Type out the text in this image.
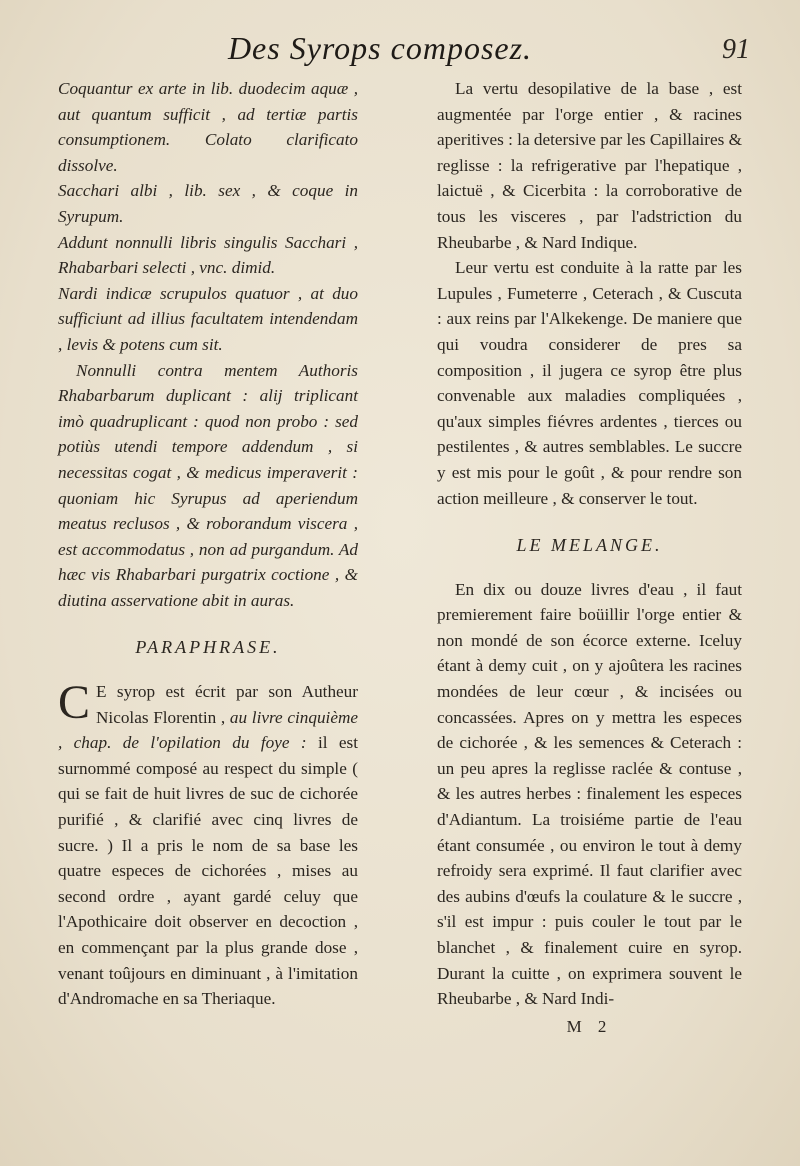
Des Syrops composez.	91

Coquantur ex arte in lib. duodecim aquæ , aut quantum sufficit , ad tertiæ partis consumptionem. Colato clarificato dissolve.

Sacchari albi , lib. sex , & coque in Syrupum.

Addunt nonnulli libris singulis Sacchari , Rhabarbari selecti , vnc. dimid.

Nardi indicæ scrupulos quatuor , at duo sufficiunt ad illius facultatem intendendam , levis & potens cum sit.

Nonnulli contra mentem Authoris Rhabarbarum duplicant : alij triplicant imò quadruplicant : quod non probo : sed potiùs utendi tempore addendum , si necessitas cogat , & medicus imperaverit : quoniam hic Syrupus ad aperiendum meatus reclusos , & roborandum viscera , est accommodatus , non ad purgandum. Ad hæc vis Rhabarbari purgatrix coctione , & diutina asservatione abit in auras.

PARAPHRASE.

C E syrop est écrit par son Autheur Nicolas Florentin , au livre cinquième , chap. de l'opilation du foye : il est surnommé composé au respect du simple ( qui se fait de huit livres de suc de cichorée purifié , & clarifié avec cinq livres de sucre. ) Il a pris le nom de sa base les quatre especes de cichorées , mises au second ordre , ayant gardé celuy que l'Apothicaire doit observer en decoction , en commençant par la plus grande dose , venant toûjours en diminuant , à l'imitation d'Andromache en sa Theriaque.

La vertu desopilative de la base , est augmentée par l'orge entier , & racines aperitives : la detersive par les Capillaires & reglisse : la refrigerative par l'hepatique , laictuë , & Cicerbita : la corroborative de tous les visceres , par l'adstriction du Rheubarbe , & Nard Indique.

Leur vertu est conduite à la ratte par les Lupules , Fumeterre , Ceterach , & Cuscuta : aux reins par l'Alkekenge. De maniere que qui voudra considerer de pres sa composition , il jugera ce syrop être plus convenable aux maladies compliquées , qu'aux simples fiévres ardentes , tierces ou pestilentes , & autres semblables. Le succre y est mis pour le goût , & pour rendre son action meilleure , & conserver le tout.

LE MELANGE.

En dix ou douze livres d'eau , il faut premierement faire boüillir l'orge entier & non mondé de son écorce externe. Iceluy étant à demy cuit , on y ajoûtera les racines mondées de leur cœur , & incisées ou concassées. Apres on y mettra les especes de cichorée , & les semences & Ceterach : un peu apres la reglisse raclée & contuse , & les autres herbes : finalement les especes d'Adiantum. La troisiéme partie de l'eau étant consumée , ou environ le tout à demy refroidy sera exprimé. Il faut clarifier avec des aubins d'œufs la coulature & le succre , s'il est impur : puis couler le tout par le blanchet , & finalement cuire en syrop. Durant la cuitte , on exprimera souvent le Rheubarbe , & Nard Indi-

M 2
